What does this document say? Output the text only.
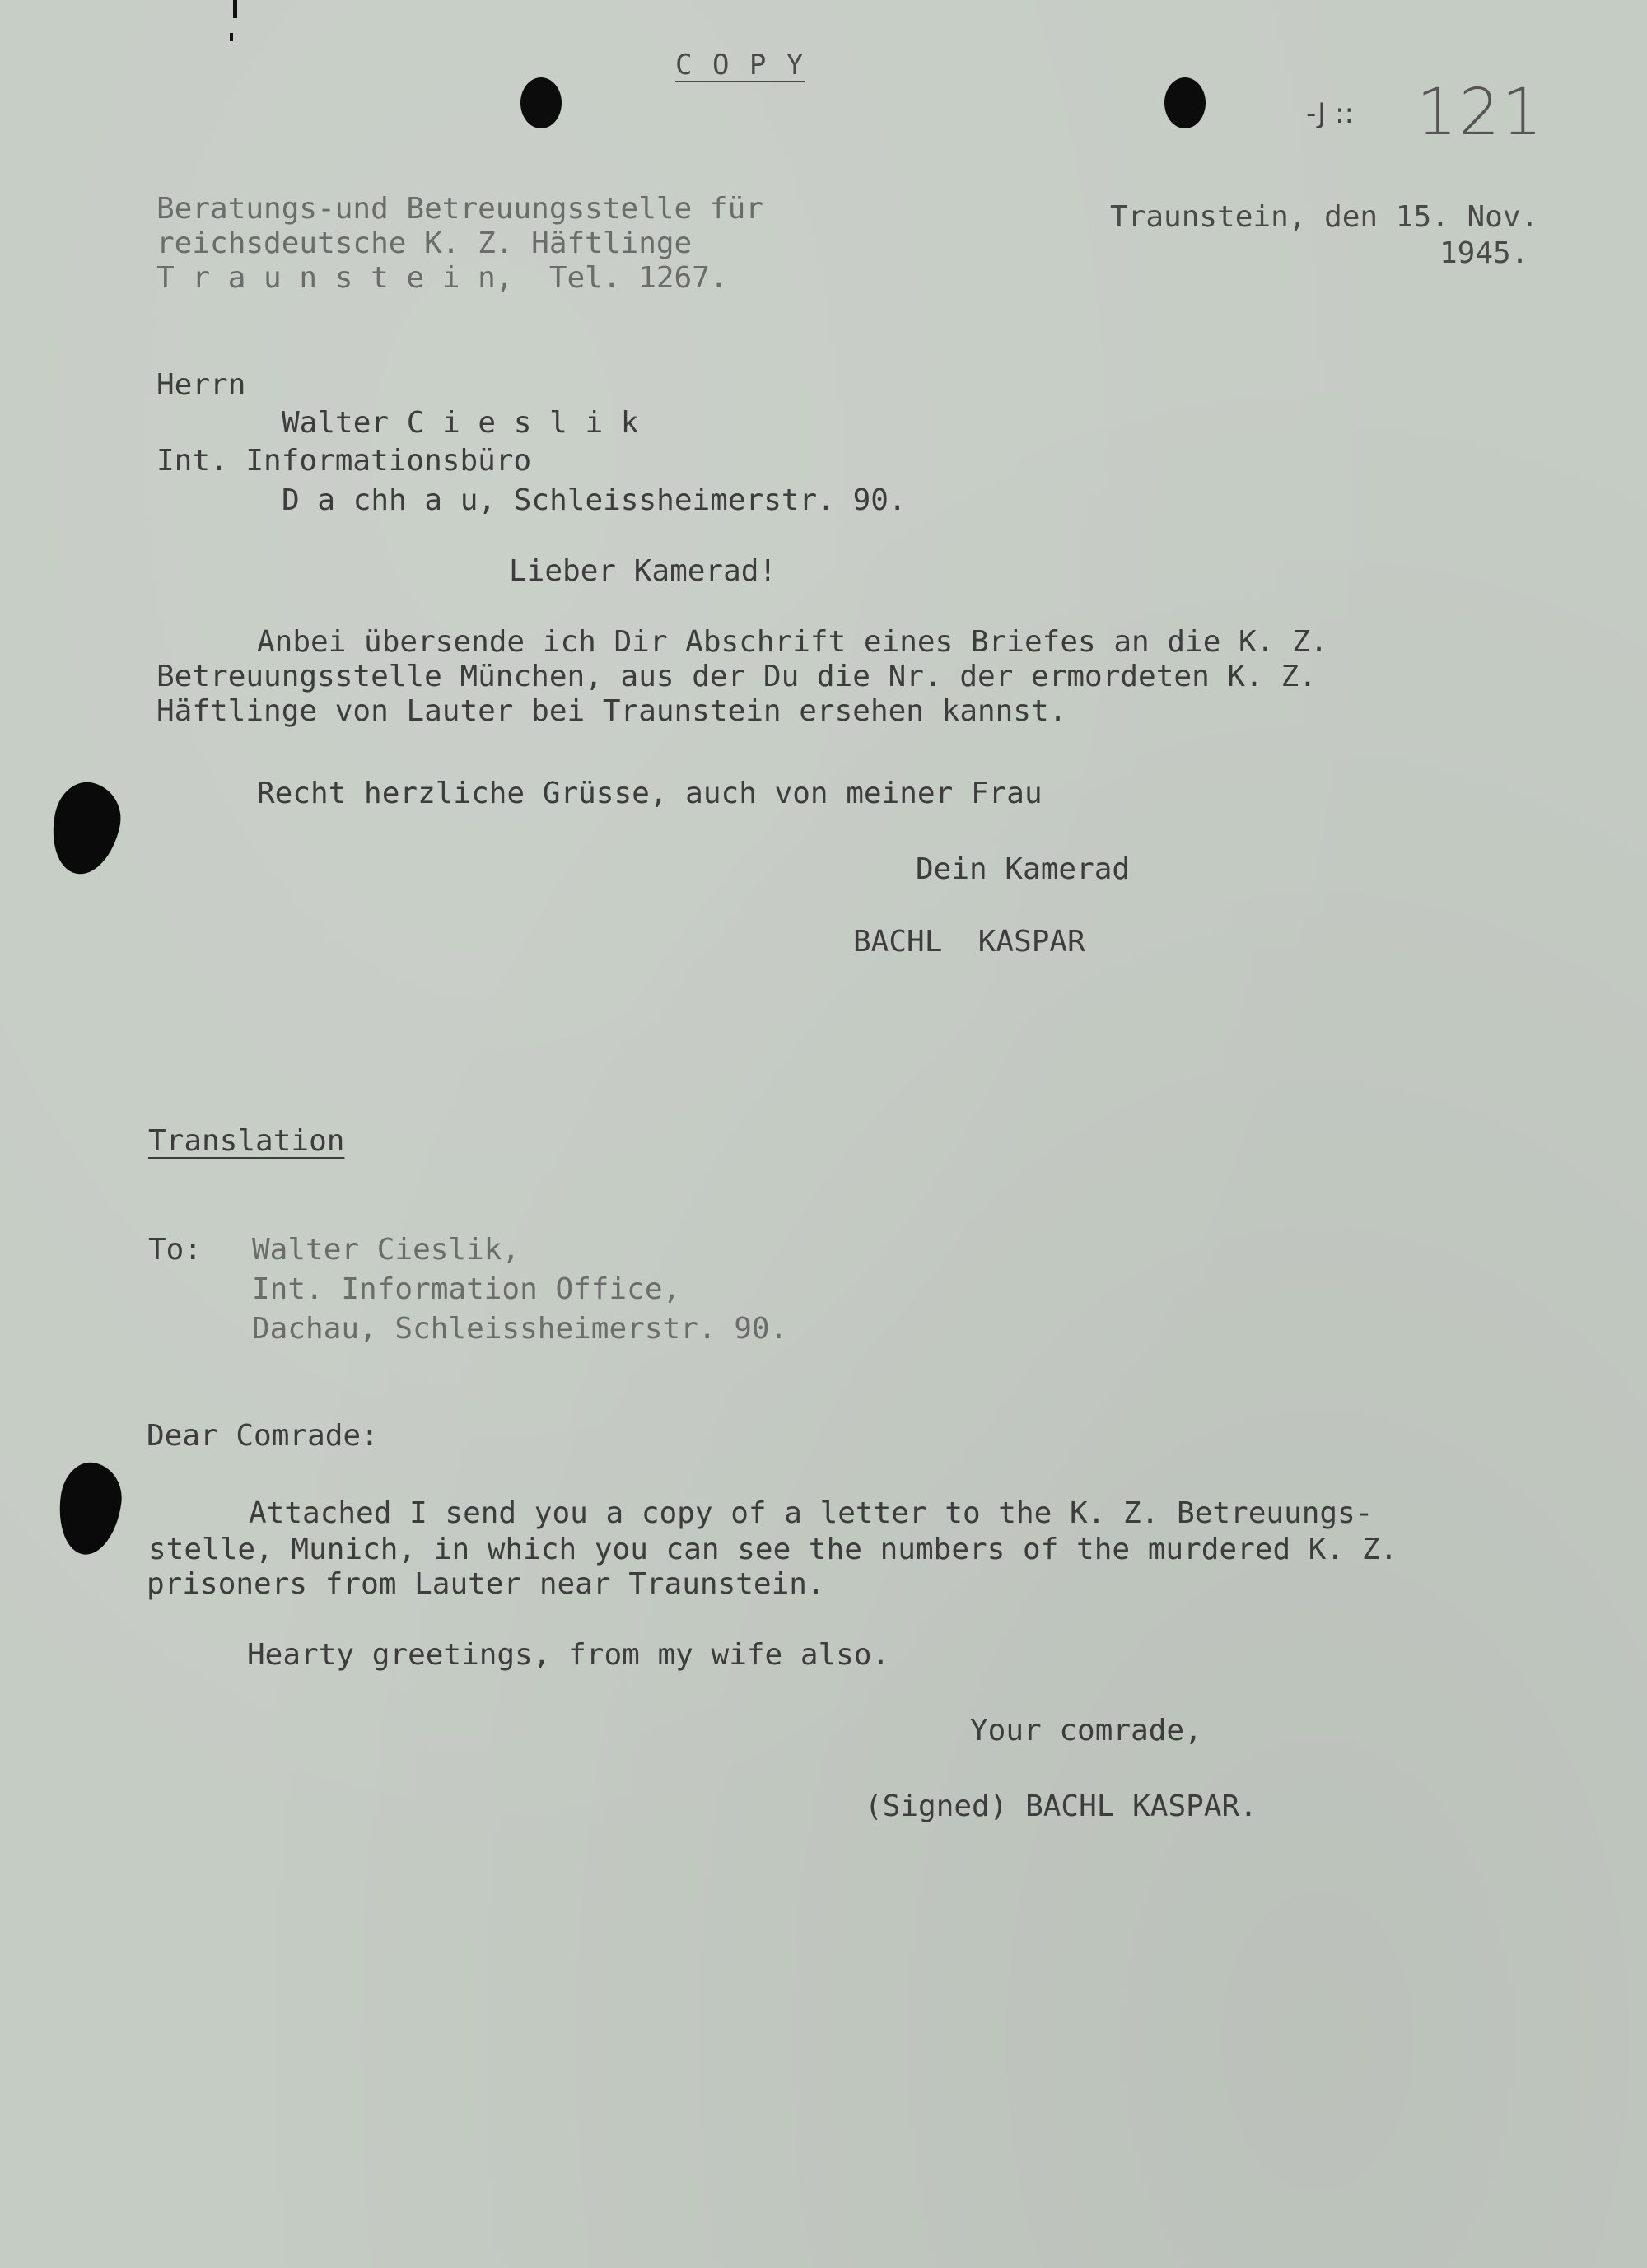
C O P Y
-J :: 121
Beratungs-und Betreuungsstelle für
reichsdeutsche K. Z. Häftlinge
T r a u n s t e i n,  Tel. 1267.
Traunstein, den 15. Nov.
1945.
Herrn
Walter C i e s l i k
Int. Informationsbüro
D a chh a u, Schleissheimerstr. 90.
Lieber Kamerad!
Anbei übersende ich Dir Abschrift eines Briefes an die K. Z.
Betreuungsstelle München, aus der Du die Nr. der ermordeten K. Z.
Häftlinge von Lauter bei Traunstein ersehen kannst.
Recht herzliche Grüsse, auch von meiner Frau
Dein Kamerad
BACHL  KASPAR
Translation
To: Walter Cieslik,
Int. Information Office,
Dachau, Schleissheimerstr. 90.
Dear Comrade:
Attached I send you a copy of a letter to the K. Z. Betreuungs-
stelle, Munich, in which you can see the numbers of the murdered K. Z.
prisoners from Lauter near Traunstein.
Hearty greetings, from my wife also.
Your comrade,
(Signed) BACHL KASPAR.
